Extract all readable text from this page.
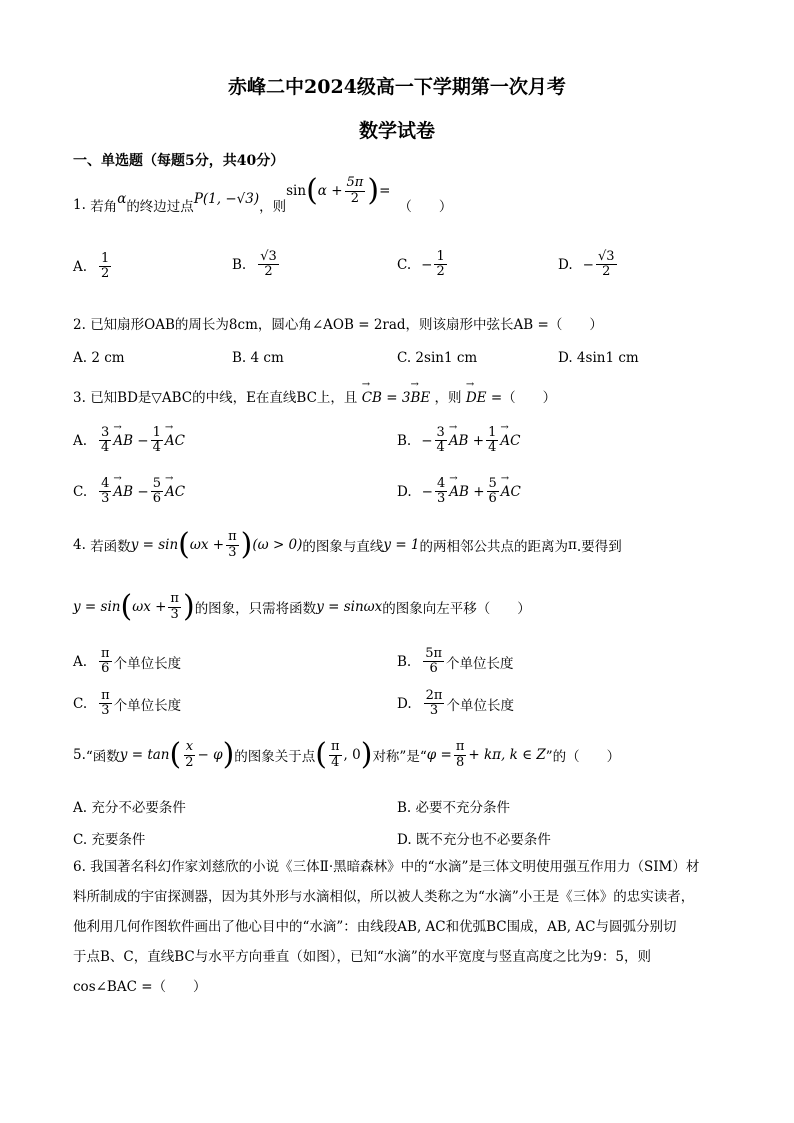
赤峰二中2024级高一下学期第一次月考
数学试卷
一、单选题（每题5分，共40分）
1.
若角 α 的终边过点 P(1, −√3) ，则
sin ( $\alpha + \frac{5\pi}{2}$ ) =
（　　）
A. $\frac{1}{2}$	B. $\frac{√3}{2}$	C. − $\frac{1}{2}$	D. − $\frac{√3}{2}$
2. 已知扇形OAB的周长为8cm，圆心角∠AOB = 2rad，则该扇形中弦长AB =（　　）
A. 2 cm	B. 4 cm	C. 2sin1 cm	D. 4sin1 cm
3. 已知BD是▽ABC的中线，E在直线BC上，且 → CB = 3→ BE ，则 → DE =（　　）
A. $\frac{3}{4}$ → AB − $\frac{1}{4}$ → AC	B. − $\frac{3}{4}$ → AB + $\frac{1}{4}$ → AC
C. $\frac{4}{3}$ → AB − $\frac{5}{6}$ → AC	D. − $\frac{4}{3}$ → AB + $\frac{5}{6}$ → AC
4.
若函数 y = sin ( $\omega x + \frac{\pi}{3}$ ) (ω > 0) 的图象与直线 y = 1 的两相邻公共点的距离为 π .要得到
y = sin ( $\omega x + \frac{\pi}{3}$ ) 的图象，只需将函数 y = sinωx 的图象向左平移（　　）
A. $\frac{\pi}{6}$ 个单位长度	B. $\frac{5\pi}{6}$ 个单位长度
C. $\frac{\pi}{3}$ 个单位长度	D. $\frac{2\pi}{3}$ 个单位长度
5. “函数 y = tan ( $\frac{x}{2} - \varphi$ ) 的图象关于点 ( $\frac{\pi}{4}$ , 0 ) 对称”是“ $\varphi = \frac{\pi}{8} + k\pi$, k ∈ Z ”的（　　）
A. 充分不必要条件	B. 必要不充分条件
C. 充要条件	D. 既不充分也不必要条件

6. 我国著名科幻作家刘慈欣的小说《三体Ⅱ·黑暗森林》中的“水滴”是三体文明使用强互作用力（SIM）材

料所制成的宇宙探测器，因为其外形与水滴相似，所以被人类称之为“水滴”小王是《三体》的忠实读者，

他利用几何作图软件画出了他心目中的“水滴”：由线段AB, AC和优弧BC围成，AB, AC与圆弧分别切

于点B、C，直线BC与水平方向垂直（如图），已知“水滴”的水平宽度与竖直高度之比为9：5，则

cos∠BAC =（　　）
